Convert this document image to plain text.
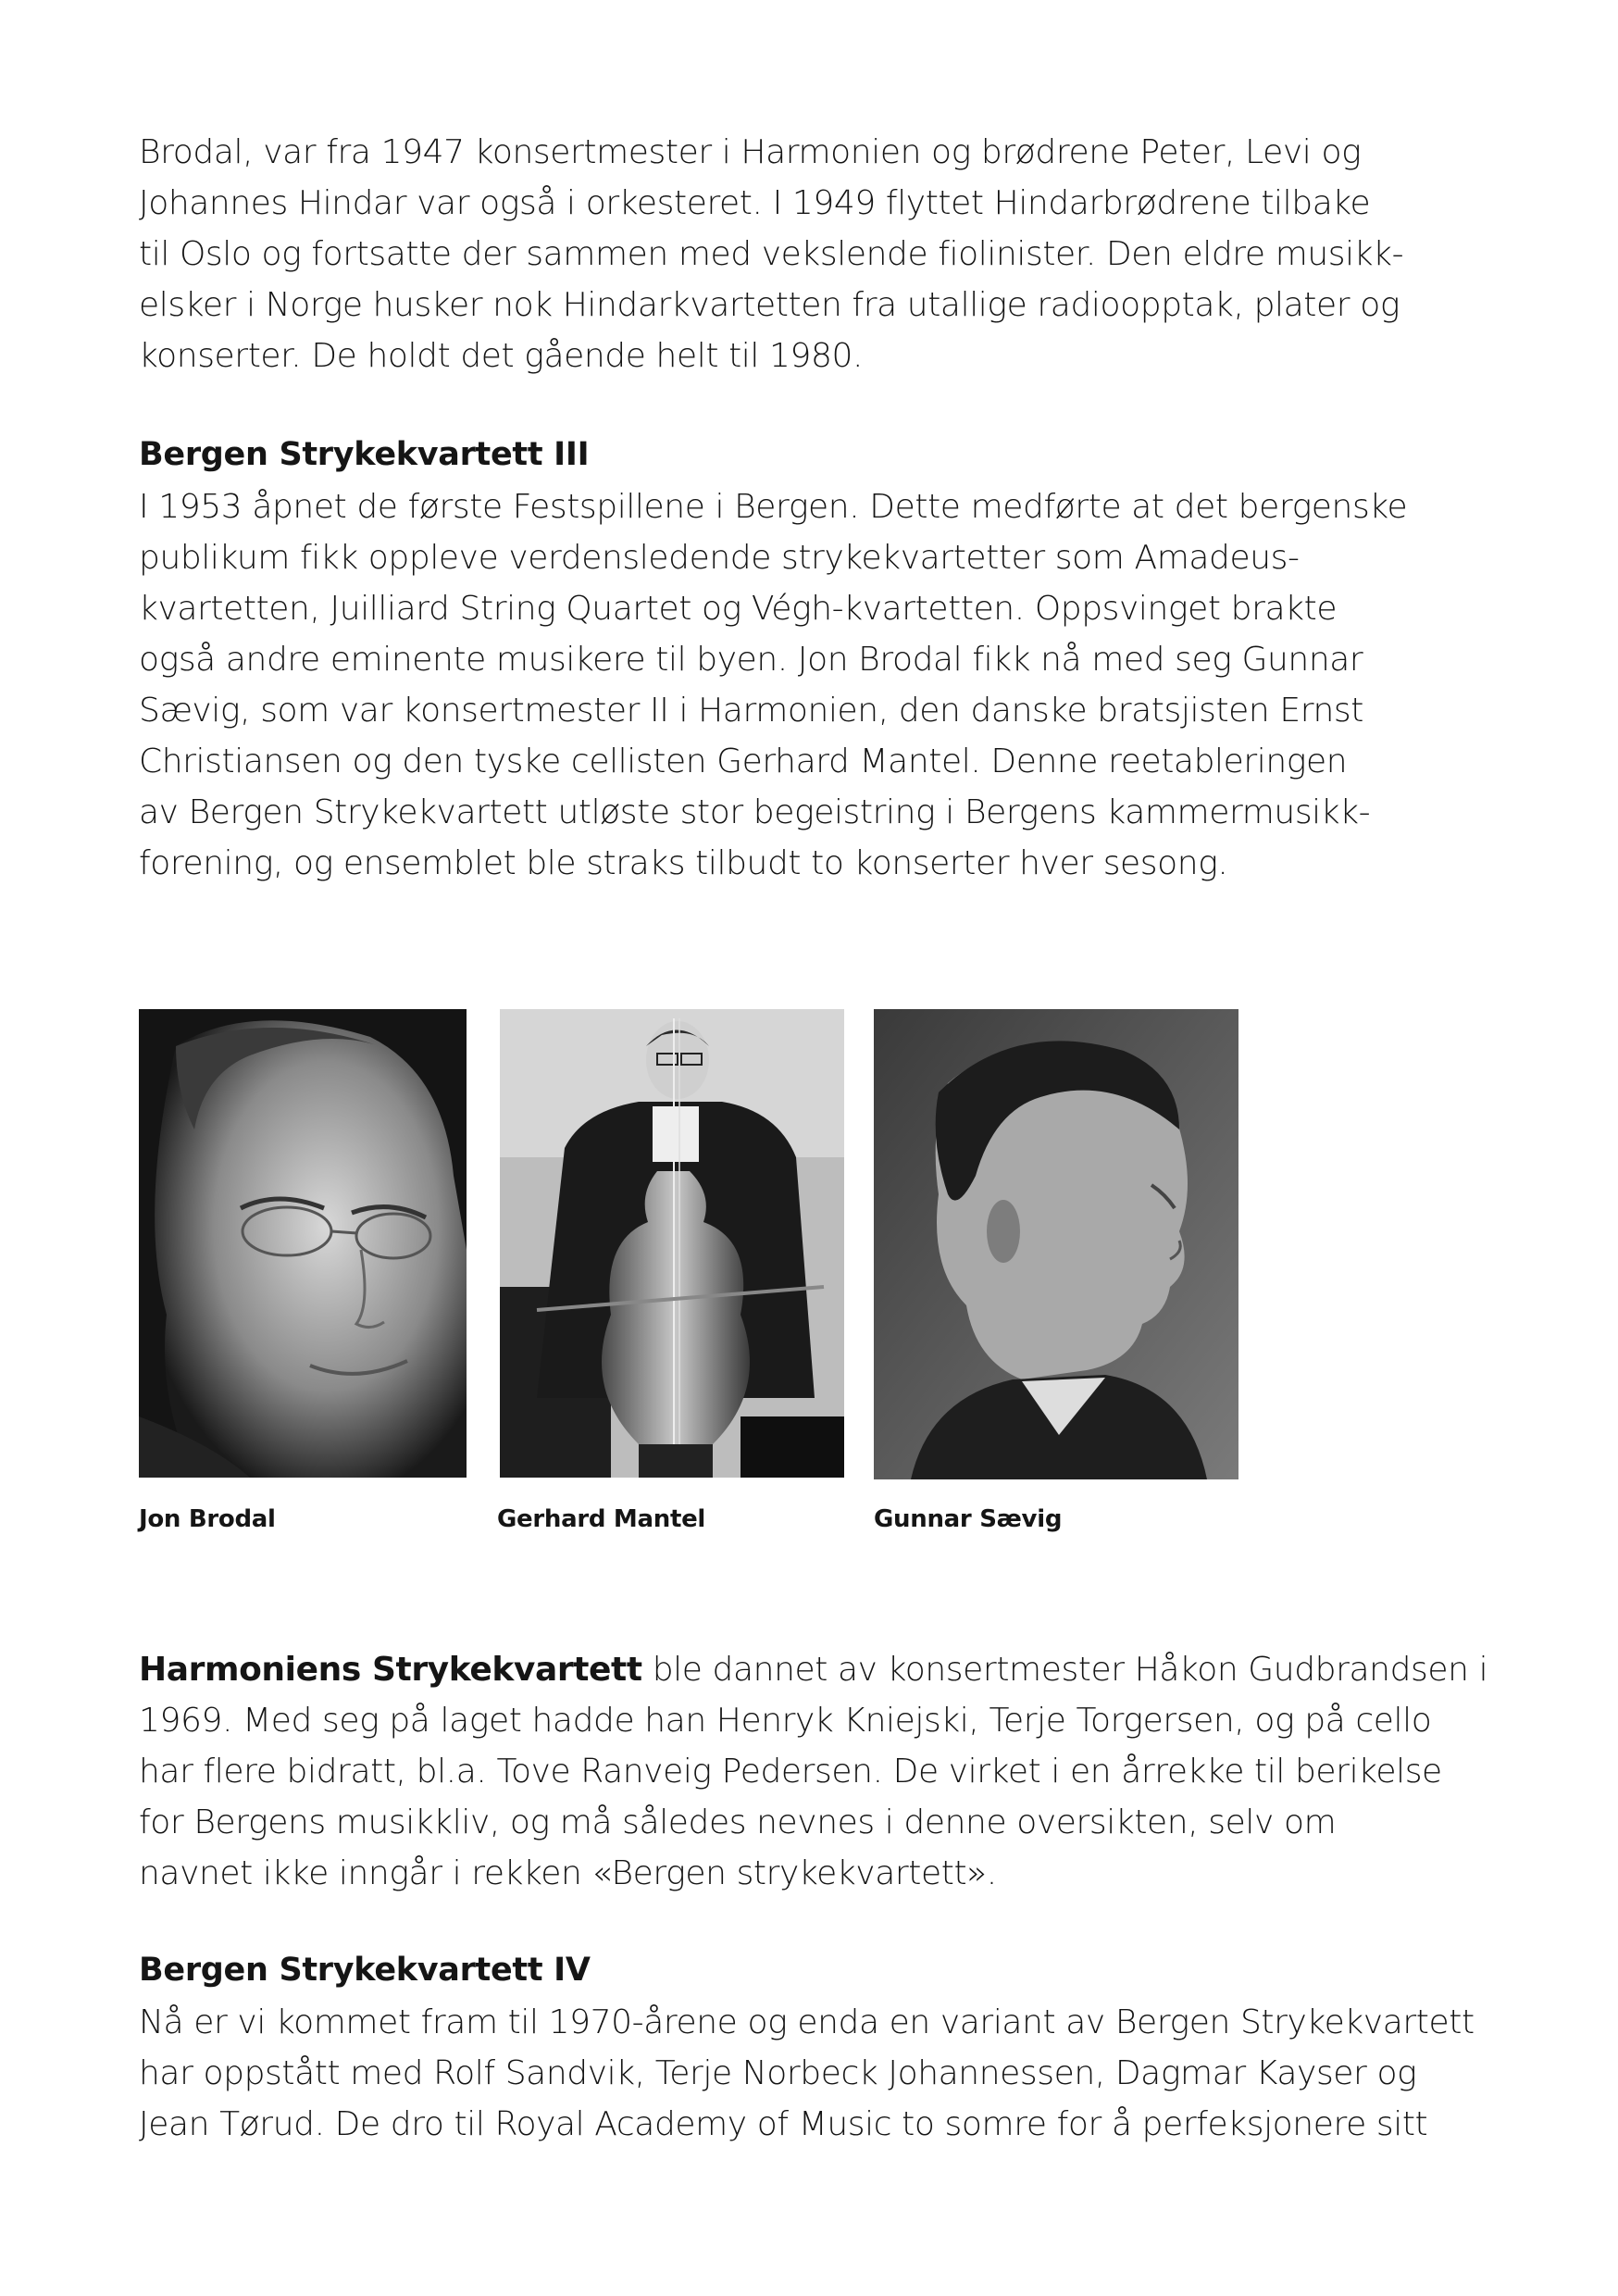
Brodal, var fra 1947 konsertmester i Harmonien og brødrene Peter, Levi og
Johannes Hindar var også i orkesteret. I 1949 flyttet Hindarbrødrene tilbake
til Oslo og fortsatte der sammen med vekslende fiolinister. Den eldre musikk-
elsker i Norge husker nok Hindarkvartetten fra utallige radioopptak, plater og
konserter. De holdt det gående helt til 1980.
Bergen Strykekvartett III
I 1953 åpnet de første Festspillene i Bergen. Dette medførte at det bergenske
publikum fikk oppleve verdensledende strykekvartetter som Amadeus-
kvartetten, Juilliard String Quartet og Végh-kvartetten. Oppsvinget brakte
også andre eminente musikere til byen. Jon Brodal fikk nå med seg Gunnar
Sævig, som var konsertmester II i Harmonien, den danske bratsjisten Ernst
Christiansen og den tyske cellisten Gerhard Mantel. Denne reetableringen
av Bergen Strykekvartett utløste stor begeistring i Bergens kammermusikk-
forening, og ensemblet ble straks tilbudt to konserter hver sesong.

Jon Brodal	Gerhard Mantel	Gunnar Sævig

Harmoniens Strykekvartett ble dannet av konsertmester Håkon Gudbrandsen i
1969. Med seg på laget hadde han Henryk Kniejski, Terje Torgersen, og på cello
har flere bidratt, bl.a. Tove Ranveig Pedersen. De virket i en årrekke til berikelse
for Bergens musikkliv, og må således nevnes i denne oversikten, selv om
navnet ikke inngår i rekken «Bergen strykekvartett».
Bergen Strykekvartett IV
Nå er vi kommet fram til 1970-årene og enda en variant av Bergen Strykekvartett
har oppstått med Rolf Sandvik, Terje Norbeck Johannessen, Dagmar Kayser og
Jean Tørud. De dro til Royal Academy of Music to somre for å perfeksjonere sitt
